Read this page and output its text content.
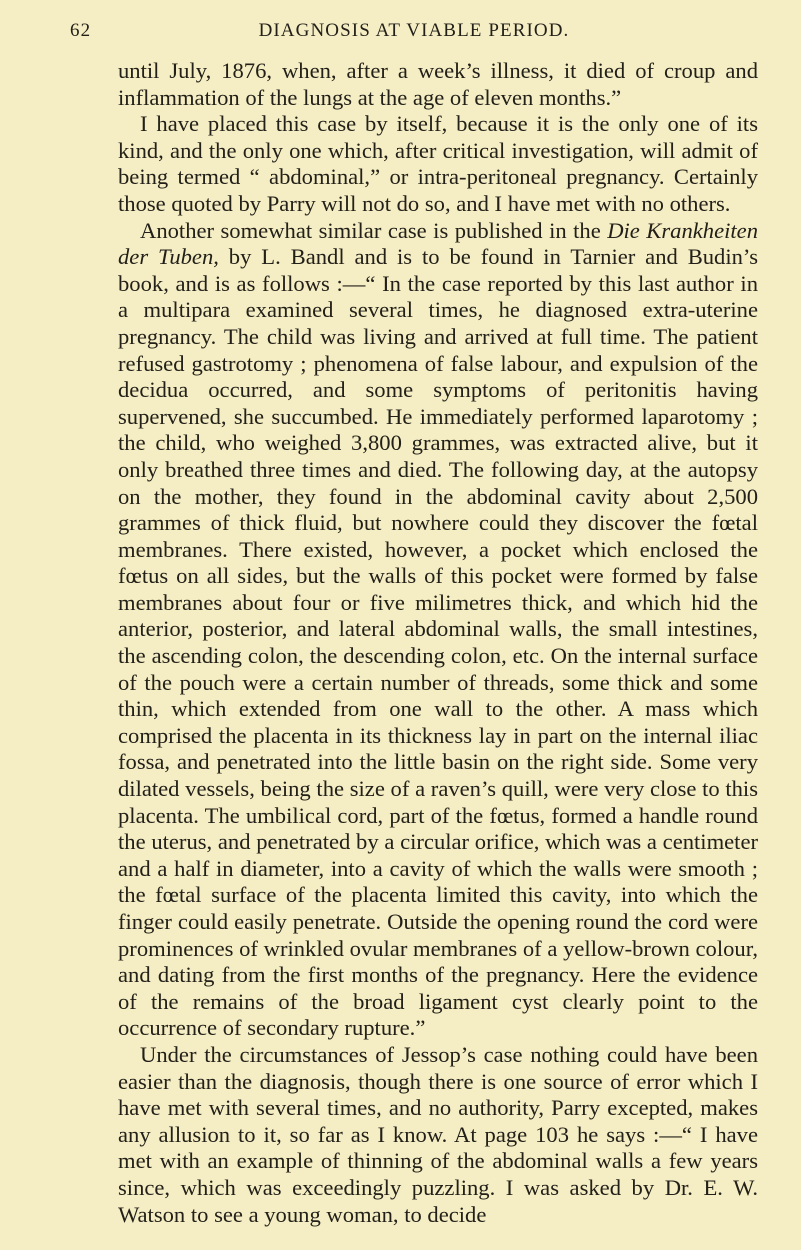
62	DIAGNOSIS AT VIABLE PERIOD.

until July, 1876, when, after a week’s illness, it died of croup and inflammation of the lungs at the age of eleven months.”

I have placed this case by itself, because it is the only one of its kind, and the only one which, after critical investigation, will admit of being termed “ abdominal,” or intra-peritoneal pregnancy. Certainly those quoted by Parry will not do so, and I have met with no others.

Another somewhat similar case is published in the Die Krankheiten der Tuben, by L. Bandl and is to be found in Tarnier and Budin’s book, and is as follows :—“ In the case reported by this last author in a multipara examined several times, he diagnosed extra-uterine pregnancy. The child was living and arrived at full time. The patient refused gastrotomy ; phenomena of false labour, and expulsion of the decidua occurred, and some symptoms of peritonitis having supervened, she succumbed. He immediately performed laparotomy ; the child, who weighed 3,800 grammes, was extracted alive, but it only breathed three times and died. The following day, at the autopsy on the mother, they found in the abdominal cavity about 2,500 grammes of thick fluid, but nowhere could they discover the fœtal membranes. There existed, however, a pocket which enclosed the fœtus on all sides, but the walls of this pocket were formed by false membranes about four or five milimetres thick, and which hid the anterior, posterior, and lateral abdominal walls, the small intestines, the ascending colon, the descending colon, etc. On the internal surface of the pouch were a certain number of threads, some thick and some thin, which extended from one wall to the other. A mass which comprised the placenta in its thickness lay in part on the internal iliac fossa, and penetrated into the little basin on the right side. Some very dilated vessels, being the size of a raven’s quill, were very close to this placenta. The umbilical cord, part of the fœtus, formed a handle round the uterus, and penetrated by a circular orifice, which was a centimeter and a half in diameter, into a cavity of which the walls were smooth ; the fœtal surface of the placenta limited this cavity, into which the finger could easily penetrate. Outside the opening round the cord were prominences of wrinkled ovular membranes of a yellow-brown colour, and dating from the first months of the pregnancy. Here the evidence of the remains of the broad ligament cyst clearly point to the occurrence of secondary rupture.”

Under the circumstances of Jessop’s case nothing could have been easier than the diagnosis, though there is one source of error which I have met with several times, and no authority, Parry excepted, makes any allusion to it, so far as I know. At page 103 he says :—“ I have met with an example of thinning of the abdominal walls a few years since, which was exceedingly puzzling. I was asked by Dr. E. W. Watson to see a young woman, to decide
